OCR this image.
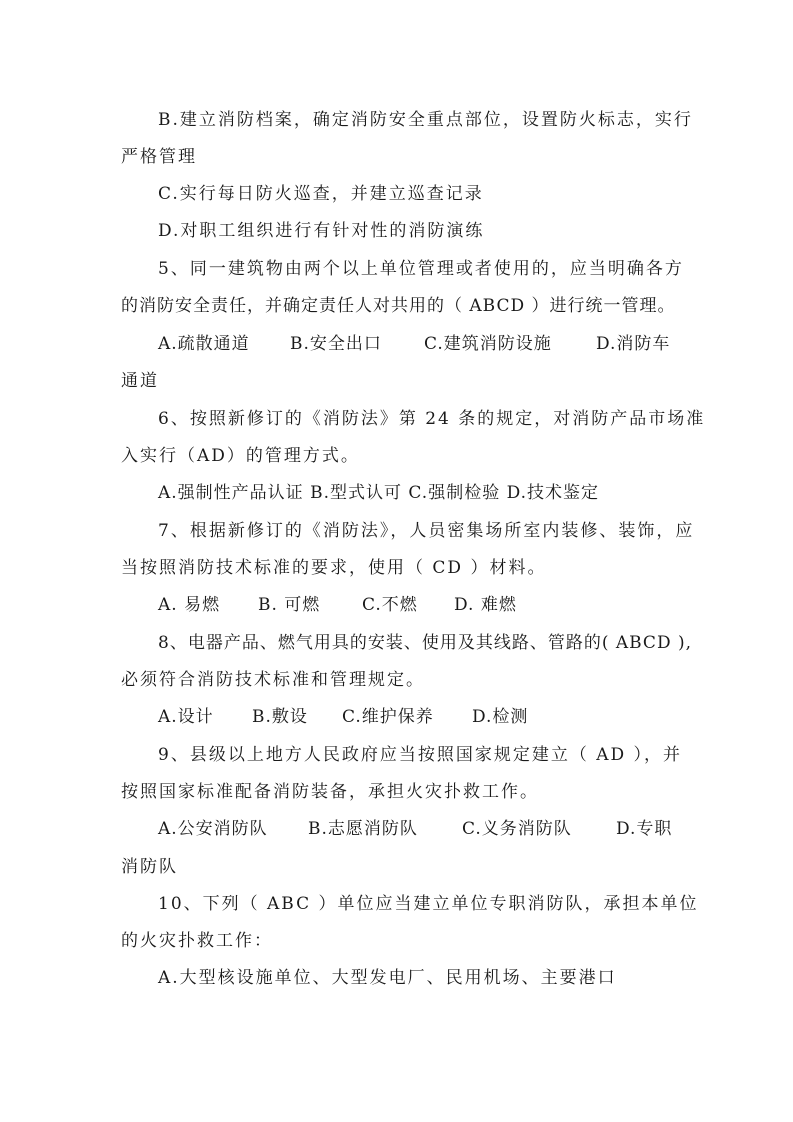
B.建立消防档案，确定消防安全重点部位，设置防火标志，实行
严格管理
C.实行每日防火巡查，并建立巡查记录
D.对职工组织进行有针对性的消防演练
5、同一建筑物由两个以上单位管理或者使用的，应当明确各方
的消防安全责任，并确定责任人对共用的（ ABCD ）进行统一管理。
A.疏散通道 B.安全出口 C.建筑消防设施	D.消防车
通道
6、按照新修订的《消防法》第 24 条的规定，对消防产品市场准
入实行（AD）的管理方式。
A.强制性产品认证 B.型式认可 C.强制检验 D.技术鉴定
7、根据新修订的《消防法》，人员密集场所室内装修、装饰，应
当按照消防技术标准的要求，使用（ CD ）材料。
A. 易燃 B. 可燃 C.不燃 D. 难燃
8、电器产品、燃气用具的安装、使用及其线路、管路的( ABCD ),
必须符合消防技术标准和管理规定。
A.设计 B.敷设 C.维护保养 D.检测
9、县级以上地方人民政府应当按照国家规定建立（ AD ），并
按照国家标准配备消防装备，承担火灾扑救工作。
A.公安消防队 B.志愿消防队	C.义务消防队	D.专职
消防队
10、下列（ ABC ）单位应当建立单位专职消防队，承担本单位
的火灾扑救工作：
A.大型核设施单位、大型发电厂、民用机场、主要港口
